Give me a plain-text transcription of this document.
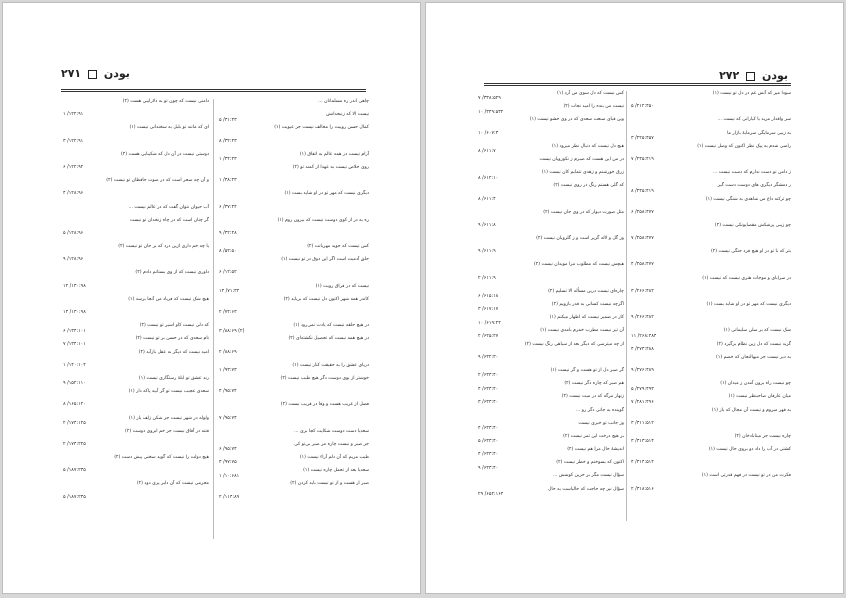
بودن  ۲۷۱
چاهی اندر ره مسلمانان ...
نیست الا که زنبخدانش
۵ /۳۱:۴۳
کمال حسن روییت را مخالف نیست جز عیوبت (۱)
۸ /۳۲:۴۳
آرام نیست در همه عالم به اتفاق (۱)
۱ /۳۴:۴۳
روی خلاص نیست به عهدا از کمند تو (۲)
۱ /۳۸:۴۳
دیگری نیست که مهر تو در او شاید بست (۱)
۶ /۳۷:۴۴
ره به در از کوی دوست نیست که بیرون روم (۱)
۹ /۴۲:۴۸
کس نیست که جوید مهربانت (۲)
۸ /۵۲:۵۰
حلق آدمیت است اگر این دوق در تو نیست (۱)
۶ /۱۲:۵۲
نیست که در فراق رویت (۱)
۱۴ /۷۱:۳۲
کاندر همه شهر اکنون دل نیست که برباید (۲)
۲ /۷۴:۶۳
در هیچ حلقه نیست که یادت نمی‌رود (۱)
۳ /۸۸:۶۹ (۲)
در هیچ همه نیست که تحصیل نکشته‌ای (۲)
۲ /۸۸:۶۹
دریای عشق را به حقیقت کنار نیست (۱)
۱ /۹۳:۷۳
خوشتر از بوی دوست دگر هیچ طیب نیست (۲)
۴ /۹۵:۷۴
فضل از غریب هست و وفا در قریب نیست (۲)
۷ /۹۵:۷۴
سعدیا دست دوست شکایت کجا بری ...
جز صبر و نیست چاره مر صبر بی‌تو کی
۶ /۹۵:۷۴
طیب مریم که آن دلم آراء نیست (۱)
۴ /۹۷:۷۵
سعدیا بعد از تحمل چاره نیست (۱)
۱ /۱۰:۶۸۱
صبر ار هست و از تو نیست باید کردن (۲)
۲ /۱۱۴:۸۹
دامنی نیست که چون تو به دلاراییی هست (۲)
۱ /۱۲۲:۹۱
ای که مانند تو بلبل به سخندانی نیست (۱)
۳ /۱۲۲:۹۱
دوستی نیست در آن دل که شکیبایی هست (۲)
۶ /۱۲۲:۹۲
و آن چه سحر است که در صوت حافظان تو نیست (۲)
۴ /۱۲۸:۹۶
آب حیوان نتوان گفت که در عالم نیست ...
گر چنان است که در چاه زنخدان تو نیست
۵ /۱۲۸:۹۶
یا چه خم داری ازین درد که بر جان تو نیست (۲)
۹ /۱۲۸:۹۶
داوری نیست که از وی بستانم دادم (۲)
۱۲ /۱۳۰:۹۸
هیچ شک نیست که فریاد من آنجا برسد (۱)
۱۴ /۱۳۰:۹۸
که دلی نیست کاو اسیر تو نیست (۲)
۶ /۱۳۴:۱۰۱
نام سعدی که در حسن بر تو نیست (۲)
۷ /۱۳۴:۱۰۱
امید نیست که دیگر به عقل بازآید (۲)
۱ /۱۴۰:۱۰۴
رند عشق تو ابلهٔ رستگاری نیست (۱)
۹ /۱۵۲:۱۱۰
سعدی عجیب نیست تو گر آبیه پاکه دار (۱)
۸ /۱۶۵:۱۲۰
ولوله در شهر نیست جز شکن زلف یار (۱)
۲ /۱۷۴:۱۲۵
فتنه در آفاق نیست جز خم ابروی دوست (۲)
۲ /۱۷۴:۲۲۵
هیچ دولت را نیست که گوید سخنی پیش دست (۲)
۵ /۱۸۷:۲۳۵
محرمی نیست که آن دلبر پری دود (۲)
۵ /۱۸۷:۲۳۵
بودن  ۲۷۲
سودا مپز که آتش غم در دل تو نیست (۱)
۵ /۲۱۲:۴۵۰
سر واقدار مرید یا کیارانی که نیست ...
به زیبی سرمایگی سرمایهٔ بازار ما
۳ /۲۲۵:۴۵۷
راضی شدم به پیک نظر اکنون که وصل نیست (۱)
۷ /۲۴۵:۴۱۹
ز دامن تو دست ندارم که دست نیست ...
ر دمشگر دیگری های دوست دست گیر
۸ /۲۴۵:۴۱۹
چو ترکنه داغ من شاهدی به شنگی نیست (۱)
۶ /۲۵۸:۴۷۷
چو زیبی پزشکش مقصایونکی نیست (۲)
۷ /۲۵۸:۴۷۷
بتر که با تو در او هیچ فرد جنگی نیست (۲)
۴ /۲۵۸:۴۷۷
در سرابای و موجات هنری نیست که نیست (۱)
۳ /۲۶۶:۴۸۲
دیگری نیست که مهر تو در او شاید بست (۱)
۹ /۲۶۶:۴۸۲
شک نیست که بر سلن سلیمانی (۱)
۱۱ /۲۶۸:۴۸۴
گزید نیست که دل زین نظام برگیرد (۲)
۴ /۲۷۳:۴۸۸
به دیر نیست جز میهالنجان که خصم (۱)
۹ /۲۷۶:۴۸۹
چو نیست راه برون آمدن ز میدان (۱)
۵ /۲۷۹:۴۹۳
میان عارفان صاحبنظر نیست (۱)
۷ /۲۸۱:۴۹۶
به قهر میروم و نیست آن مجال که باز (۱)
۳ /۳۱۱:۵۱۲
چاره نیست جز میتابادخان (۲)
۳ /۳۱۳:۵۱۴
کشتی در آب را داد دو بروی حال نیست (۱)
۴ /۳۱۴:۵۱۴
فکرت من در تو نیست در فهم قدرتی است (۱)
۲ /۳۱۸:۵۱۶
کس نیست که دل سوی من آرد (۱)
۷ /۳۳۸:۵۲۹
نیست من بنده را امید نجات (۲)
۱۰ /۳۴۹:۵۳۲
وین قبای صنعت سعدی که در وی حشو نیست (۱)
۱۰ /۶۰۷:۳
هیچ دل نیست که دنبال نظر میرود (۱)
۸ /۶۱۱:۷
در من این هست که صبرم ز نکورویان نیست
زرق خورشتم و زهدی نتمایم کان نیست (۱)
۸ /۶۱۲:۱۰
که گلی هستم رنگ در روی نیست (۲)
۸ /۶۱۱:۴
مثل صورت دیوار که در وی جان نیست (۲)
۹ /۶۱۱:۸
وز گل و لاله گزیر است و ز گلزوبان نیست (۲)
۹ /۶۱۱:۹
هیچش نیست که مطلوب مرا مویدان نیست (۲)
۲ /۶۱۱:۹
چاره‌ای نیست درین مسأله الا تسلیم (۲)
۶ /۶۱۵:۱۸
اگرچه نیست کسانی به قدر بازویم (۲)
۳ /۶۱۷:۱۷
کار در ضمیر نیست که اظهار میکنم (۱)
۱۰ /۶۱۹:۲۴
آن تیز نیست مطرب خمرم بامدی نیست (۱)
۲ /۶۲۵:۲۷
از چه میترسی که دیگر بعد از سیاهی رنگ نیست (۲)
۹ /۶۳۲:۳۰
گر صبر دل از تو هست و گر نیست (۱)
۲ /۶۳۳:۴۰
هم صبر که چاره دگر نیست (۲)
۴ /۶۳۳:۴۰
زنهار مرگه که در میت نیست (۲)
۳ /۶۳۳:۴۰
گوینده به جانی دگر رو ...
وز جانب تو خبری نیست
۴ /۶۳۳:۴۰
بر هیچ درخت این ثمر نیست (۲)
۵ /۶۳۳:۴۰
اندیشهٔ حال مرا هم نیست (۲)
۴ /۶۳۳:۴۰
اکنون که بسوختم و خطر نیست (۲)
۹ /۶۳۳:۴۰
سؤال نیست مگر بر حزین کوشش ...
سؤال نیز چه حاجت که حالیاست به حال
۲۹ /۶۵۲:۱۶۴
